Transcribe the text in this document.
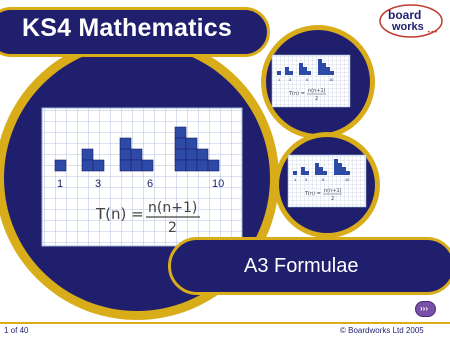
1	3	6	10
T(n) = n(n+1)
2
1 3	6	10
T(n) = n(n+1)
2
1 3	6	10
T(n) = n(n+1)
2
KS4 Mathematics
A3 Formulae
board
works •••
›››
1 of 40	© Boardworks Ltd 2005
